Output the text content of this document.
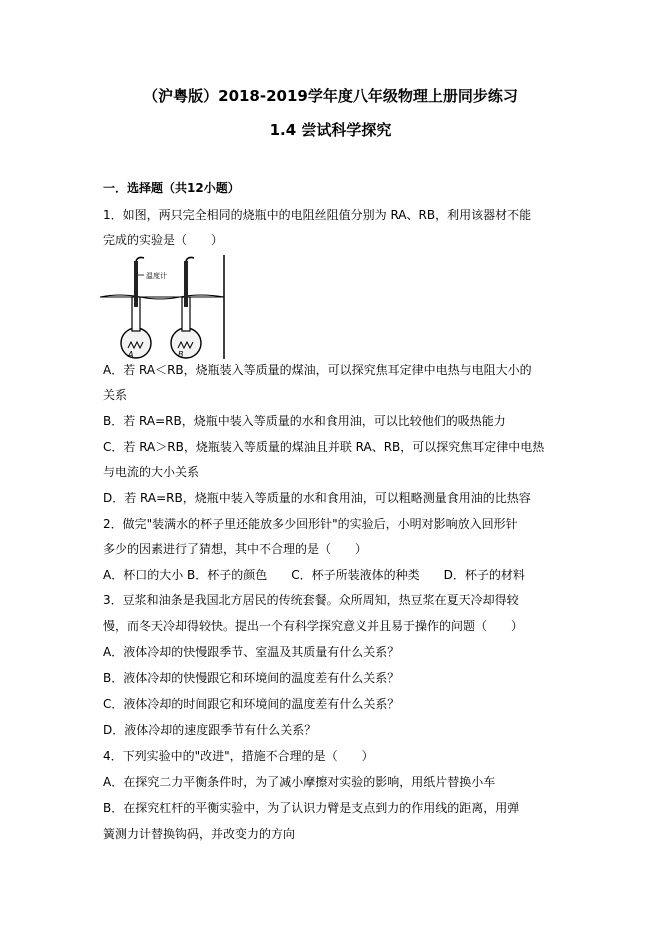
（沪粤版）2018-2019学年度八年级物理上册同步练习
1.4 尝试科学探究
一．选择题（共12小题）
1．如图，两只完全相同的烧瓶中的电阻丝阻值分别为 RA、RB，利用该器材不能
完成的实验是（　　）
温度计
A	B
A．若 RA＜RB，烧瓶装入等质量的煤油，可以探究焦耳定律中电热与电阻大小的
关系
B．若 RA=RB，烧瓶中装入等质量的水和食用油，可以比较他们的吸热能力
C．若 RA＞RB，烧瓶装入等质量的煤油且并联 RA、RB，可以探究焦耳定律中电热
与电流的大小关系
D．若 RA=RB，烧瓶中装入等质量的水和食用油，可以粗略测量食用油的比热容
2．做完"装满水的杯子里还能放多少回形针"的实验后，小明对影响放入回形针
多少的因素进行了猜想，其中不合理的是（　　）
A．杯口的大小 B．杯子的颜色　　C．杯子所装液体的种类　　D．杯子的材料
3．豆浆和油条是我国北方居民的传统套餐。众所周知，热豆浆在夏天冷却得较
慢，而冬天冷却得较快。提出一个有科学探究意义并且易于操作的问题（　　）
A．液体冷却的快慢跟季节、室温及其质量有什么关系？
B．液体冷却的快慢跟它和环境间的温度差有什么关系？
C．液体冷却的时间跟它和环境间的温度差有什么关系？
D．液体冷却的速度跟季节有什么关系？
4．下列实验中的"改进"，措施不合理的是（　　）
A．在探究二力平衡条件时，为了减小摩擦对实验的影响，用纸片替换小车
B．在探究杠杆的平衡实验中，为了认识力臂是支点到力的作用线的距离，用弹
簧测力计替换钩码，并改变力的方向
